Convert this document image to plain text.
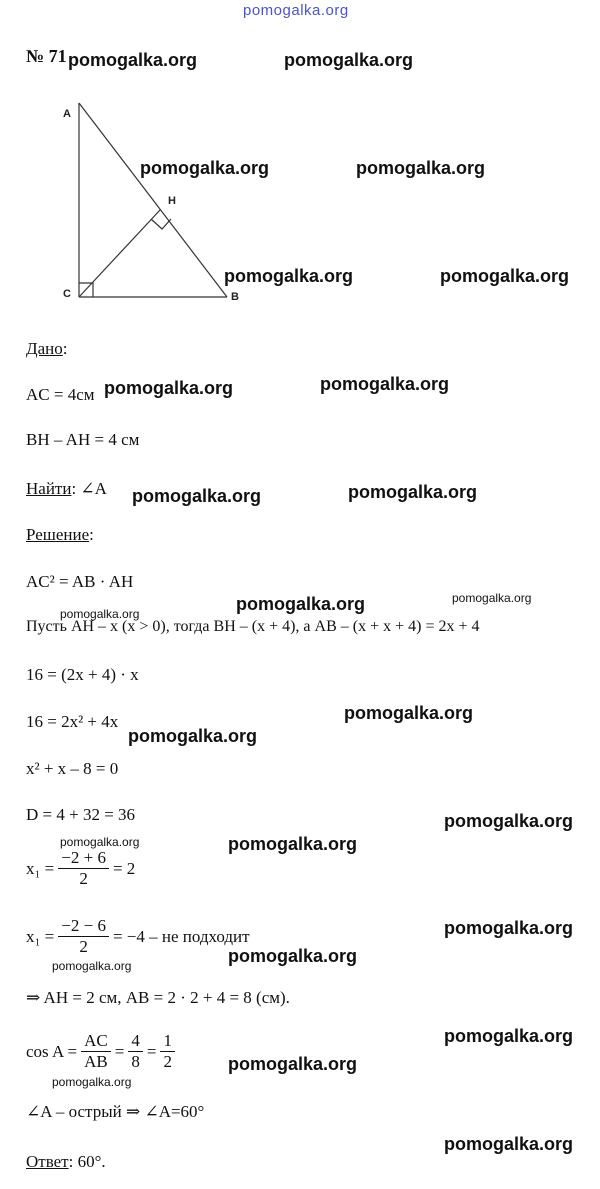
pomogalka.org
№ 71
A
C
H
B
pomogalka.org	pomogalka.org
pomogalka.org	pomogalka.org
pomogalka.org	pomogalka.org
pomogalka.org	pomogalka.org
pomogalka.org	pomogalka.org
pomogalka.org
pomogalka.org
pomogalka.org
pomogalka.org
pomogalka.org
pomogalka.org
pomogalka.org
pomogalka.org
pomogalka.org
pomogalka.org
pomogalka.org
pomogalka.org
pomogalka.org
pomogalka.org
pomogalka.org
Дано:
AC = 4см
BH – AH = 4 см
Найти: ∠A
Решение:
AC² = AB · AH
Пусть AH – x (x > 0), тогда BH – (x + 4), а AB – (x + x + 4) = 2x + 4
16 = (2x + 4) · x
16 = 2x² + 4x
x² + x – 8 = 0
D = 4 + 32 = 36
$x_1 = \frac{-2 + 6}{2} = 2$
$x_1 = \frac{-2 - 6}{2} = -4$ – не подходит
⇒ AH = 2 см, AB = 2 · 2 + 4 = 8 (см).
$\cos A = \frac{AC}{AB} = \frac{4}{8} = \frac{1}{2}$
∠A – острый ⇒ ∠A=60°
Ответ: 60°.
